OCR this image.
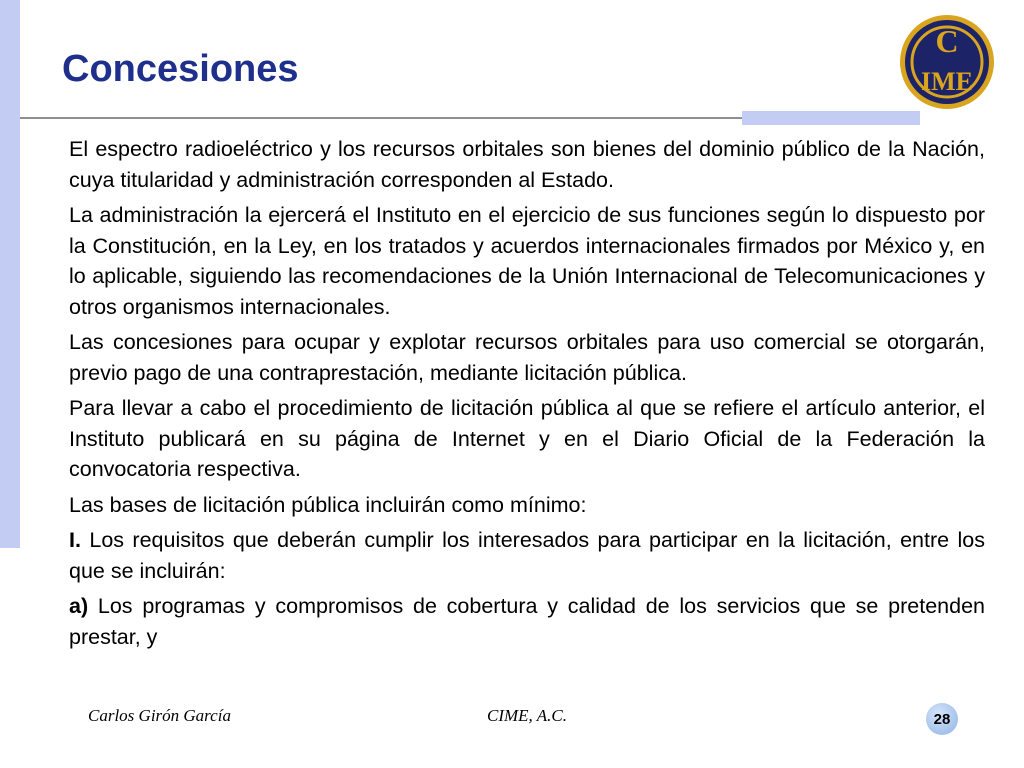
Concesiones
C
IME

El espectro radioeléctrico y los recursos orbitales son bienes del dominio público de la Nación, cuya titularidad y administración corresponden al Estado.

La administración la ejercerá el Instituto en el ejercicio de sus funciones según lo dispuesto por la Constitución, en la Ley, en los tratados y acuerdos internacionales firmados por México y, en lo aplicable, siguiendo las recomendaciones de la Unión Internacional de Telecomunicaciones y otros organismos internacionales.

Las concesiones para ocupar y explotar recursos orbitales para uso comercial se otorgarán, previo pago de una contraprestación, mediante licitación pública.

Para llevar a cabo el procedimiento de licitación pública al que se refiere el artículo anterior, el Instituto publicará en su página de Internet y en el Diario Oficial de la Federación la convocatoria respectiva.

Las bases de licitación pública incluirán como mínimo:

I. Los requisitos que deberán cumplir los interesados para participar en la licitación, entre los que se incluirán:

a) Los programas y compromisos de cobertura y calidad de los servicios que se pretenden prestar, y

Carlos Girón García	CIME, A.C.	28
